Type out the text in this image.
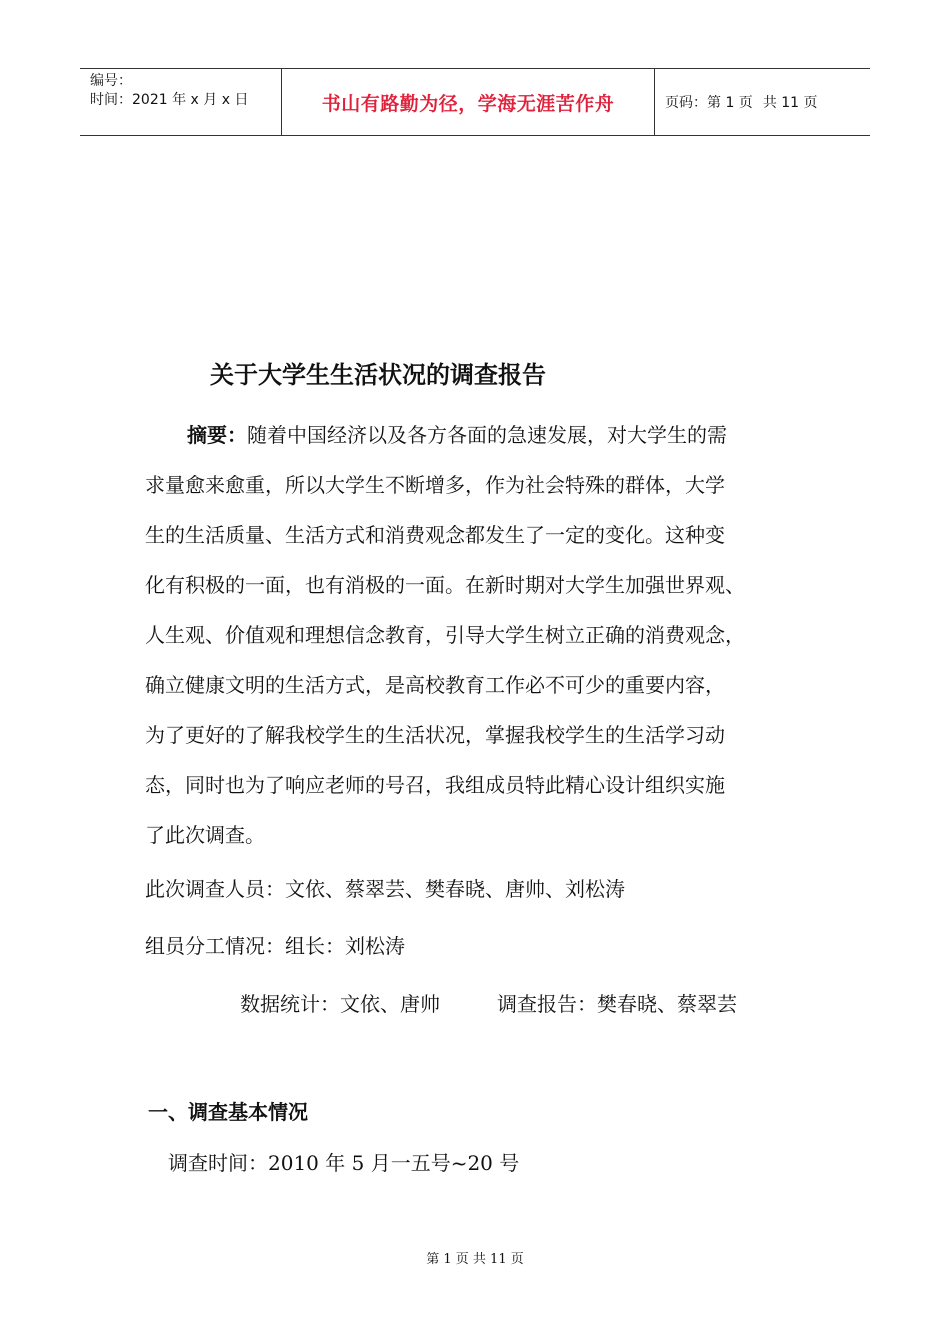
编号：
时间：2021 年 x 月 x 日	书山有路勤为径，学海无涯苦作舟	页码：第 1 页 共 11 页
关于大学生生活状况的调查报告
摘要：随着中国经济以及各方各面的急速发展，对大学生的需
求量愈来愈重，所以大学生不断增多，作为社会特殊的群体，大学
生的生活质量、生活方式和消费观念都发生了一定的变化。这种变
化有积极的一面，也有消极的一面。在新时期对大学生加强世界观、
人生观、价值观和理想信念教育，引导大学生树立正确的消费观念，
确立健康文明的生活方式，是高校教育工作必不可少的重要内容，
为了更好的了解我校学生的生活状况，掌握我校学生的生活学习动
态，同时也为了响应老师的号召，我组成员特此精心设计组织实施
了此次调查。
此次调查人员：文依、蔡翠芸、樊春晓、唐帅、刘松涛
组员分工情况：组长：刘松涛
数据统计：文依、唐帅	调查报告：樊春晓、蔡翠芸
一、调查基本情况
调查时间：2010 年 5 月一五号~20 号
第 1 页 共 11 页
